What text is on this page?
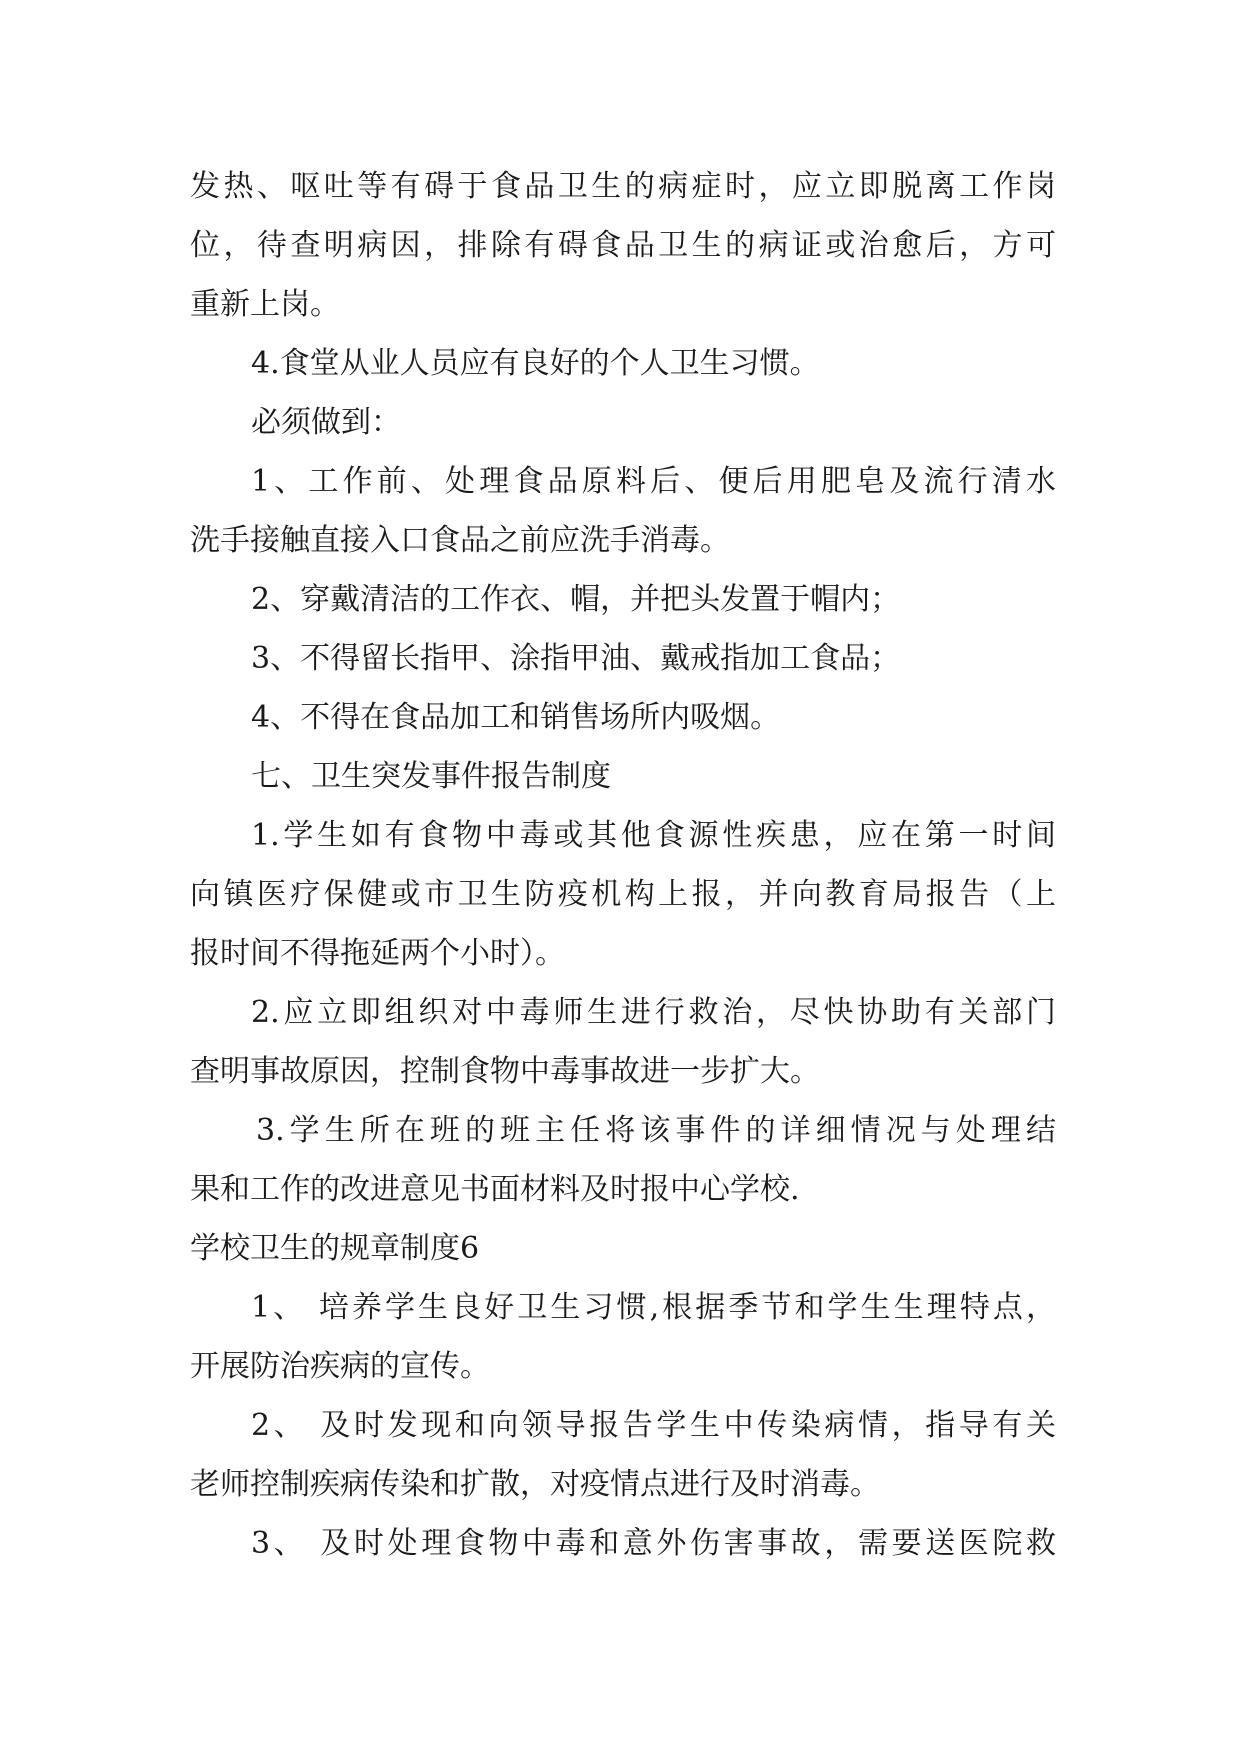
发热、呕吐等有碍于食品卫生的病症时，应立即脱离工作岗
位，待查明病因，排除有碍食品卫生的病证或治愈后，方可
重新上岗。
4.食堂从业人员应有良好的个人卫生习惯。
必须做到：
1、工作前、处理食品原料后、便后用肥皂及流行清水
洗手接触直接入口食品之前应洗手消毒。
2、穿戴清洁的工作衣、帽，并把头发置于帽内；
3、不得留长指甲、涂指甲油、戴戒指加工食品；
4、不得在食品加工和销售场所内吸烟。
七、卫生突发事件报告制度
1.学生如有食物中毒或其他食源性疾患，应在第一时间
向镇医疗保健或市卫生防疫机构上报，并向教育局报告（上
报时间不得拖延两个小时）。
2.应立即组织对中毒师生进行救治，尽快协助有关部门
查明事故原因，控制食物中毒事故进一步扩大。
3.学生所在班的班主任将该事件的详细情况与处理结
果和工作的改进意见书面材料及时报中心学校.
学校卫生的规章制度6
1、 培养学生良好卫生习惯,根据季节和学生生理特点，
开展防治疾病的宣传。
2、 及时发现和向领导报告学生中传染病情，指导有关
老师控制疾病传染和扩散，对疫情点进行及时消毒。
3、 及时处理食物中毒和意外伤害事故，需要送医院救
